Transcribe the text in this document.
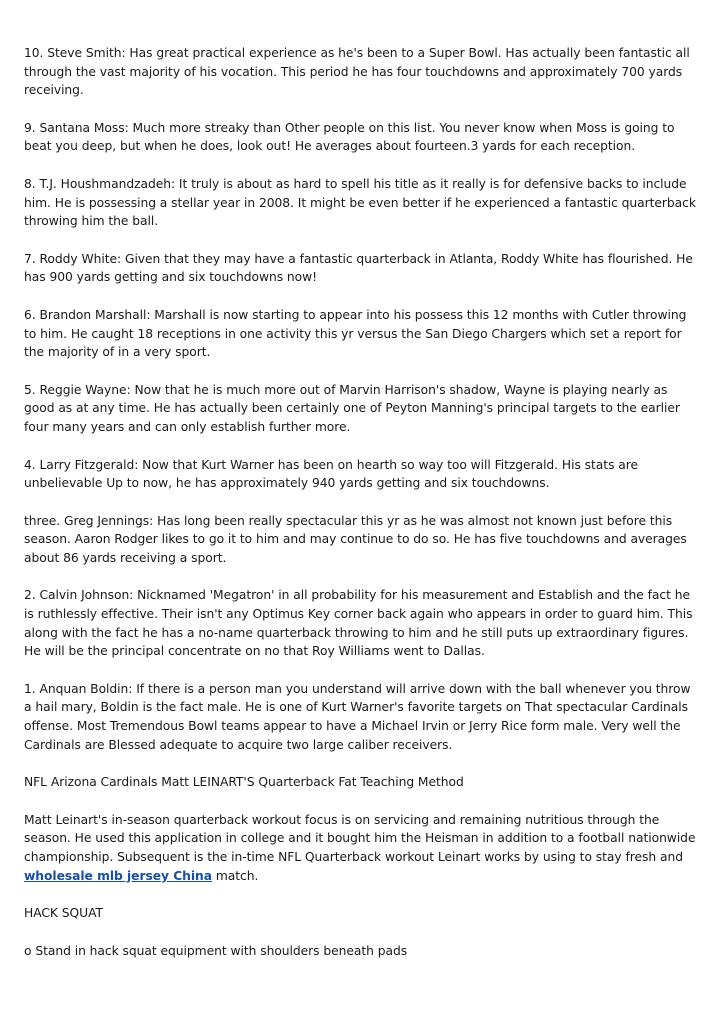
10. Steve Smith: Has great practical experience as he's been to a Super Bowl. Has actually been fantastic all through the vast majority of his vocation. This period he has four touchdowns and approximately 700 yards receiving.

9. Santana Moss: Much more streaky than Other people on this list. You never know when Moss is going to beat you deep, but when he does, look out! He averages about fourteen.3 yards for each reception.

8. T.J. Houshmandzadeh: It truly is about as hard to spell his title as it really is for defensive backs to include him. He is possessing a stellar year in 2008. It might be even better if he experienced a fantastic quarterback throwing him the ball.

7. Roddy White: Given that they may have a fantastic quarterback in Atlanta, Roddy White has flourished. He has 900 yards getting and six touchdowns now!

6. Brandon Marshall: Marshall is now starting to appear into his possess this 12 months with Cutler throwing to him. He caught 18 receptions in one activity this yr versus the San Diego Chargers which set a report for the majority of in a very sport.

5. Reggie Wayne: Now that he is much more out of Marvin Harrison's shadow, Wayne is playing nearly as good as at any time. He has actually been certainly one of Peyton Manning's principal targets to the earlier four many years and can only establish further more.

4. Larry Fitzgerald: Now that Kurt Warner has been on hearth so way too will Fitzgerald. His stats are unbelievable Up to now, he has approximately 940 yards getting and six touchdowns.

three. Greg Jennings: Has long been really spectacular this yr as he was almost not known just before this season. Aaron Rodger likes to go it to him and may continue to do so. He has five touchdowns and averages about 86 yards receiving a sport.

2. Calvin Johnson: Nicknamed 'Megatron' in all probability for his measurement and Establish and the fact he is ruthlessly effective. Their isn't any Optimus Key corner back again who appears in order to guard him. This along with the fact he has a no-name quarterback throwing to him and he still puts up extraordinary figures. He will be the principal concentrate on no that Roy Williams went to Dallas.

1. Anquan Boldin: If there is a person man you understand will arrive down with the ball whenever you throw a hail mary, Boldin is the fact male. He is one of Kurt Warner's favorite targets on That spectacular Cardinals offense. Most Tremendous Bowl teams appear to have a Michael Irvin or Jerry Rice form male. Very well the Cardinals are Blessed adequate to acquire two large caliber receivers.

NFL Arizona Cardinals Matt LEINART'S Quarterback Fat Teaching Method

Matt Leinart's in-season quarterback workout focus is on servicing and remaining nutritious through the season. He used this application in college and it bought him the Heisman in addition to a football nationwide championship. Subsequent is the in-time NFL Quarterback workout Leinart works by using to stay fresh and wholesale mlb jersey China match.

HACK SQUAT

o Stand in hack squat equipment with shoulders beneath pads
